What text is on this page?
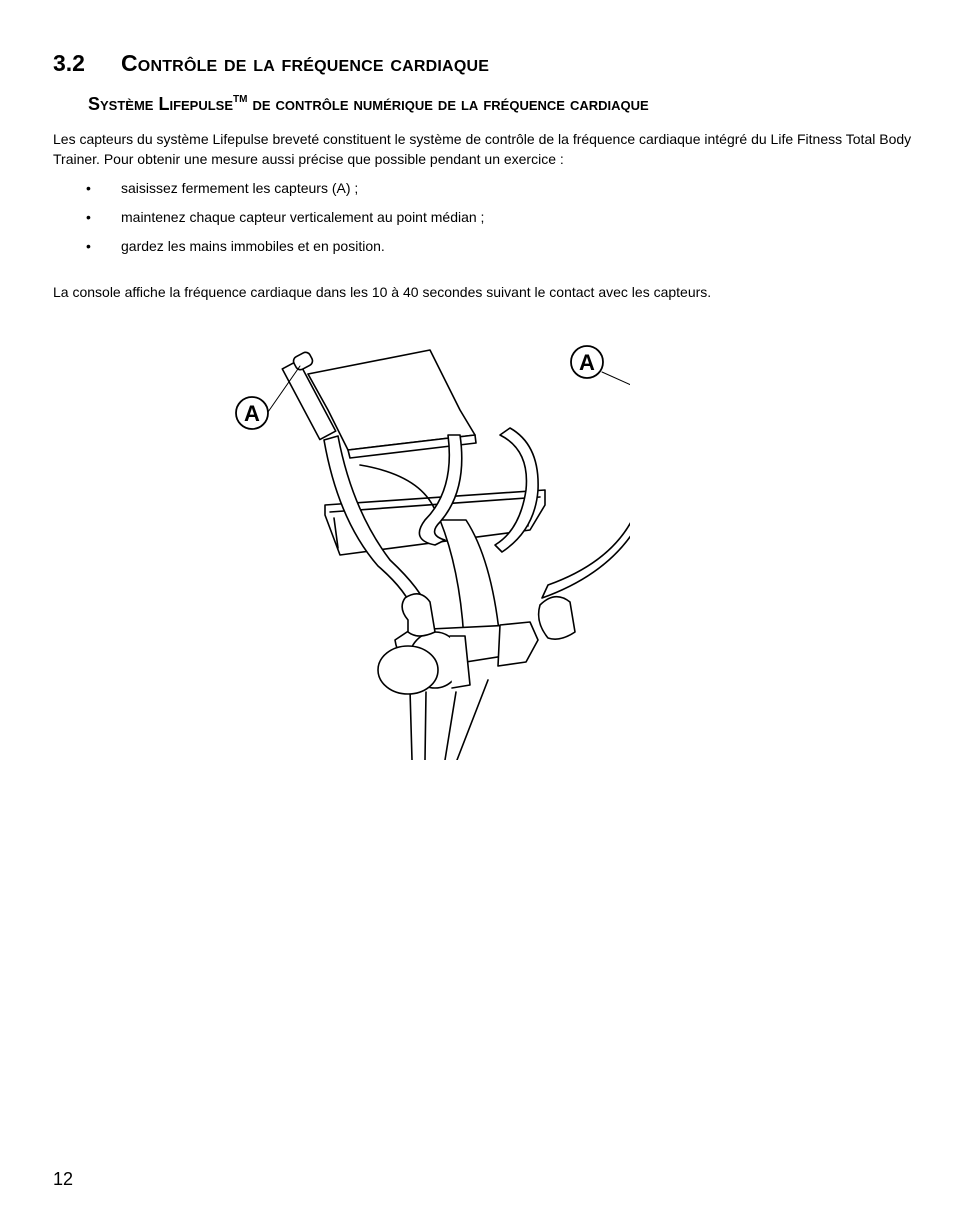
3.2 Contrôle de la fréquence cardiaque
Système Lifepulse™ de contrôle numérique de la fréquence cardiaque

Les capteurs du système Lifepulse breveté constituent le système de contrôle de la fréquence cardiaque intégré du Life Fitness Total Body Trainer. Pour obtenir une mesure aussi précise que possible pendant un exercice :

• saisissez fermement les capteurs (A) ;
• maintenez chaque capteur verticalement au point médian ;
• gardez les mains immobiles et en position.

La console affiche la fréquence cardiaque dans les 10 à 40 secondes suivant le contact avec les capteurs.

A
A
12
